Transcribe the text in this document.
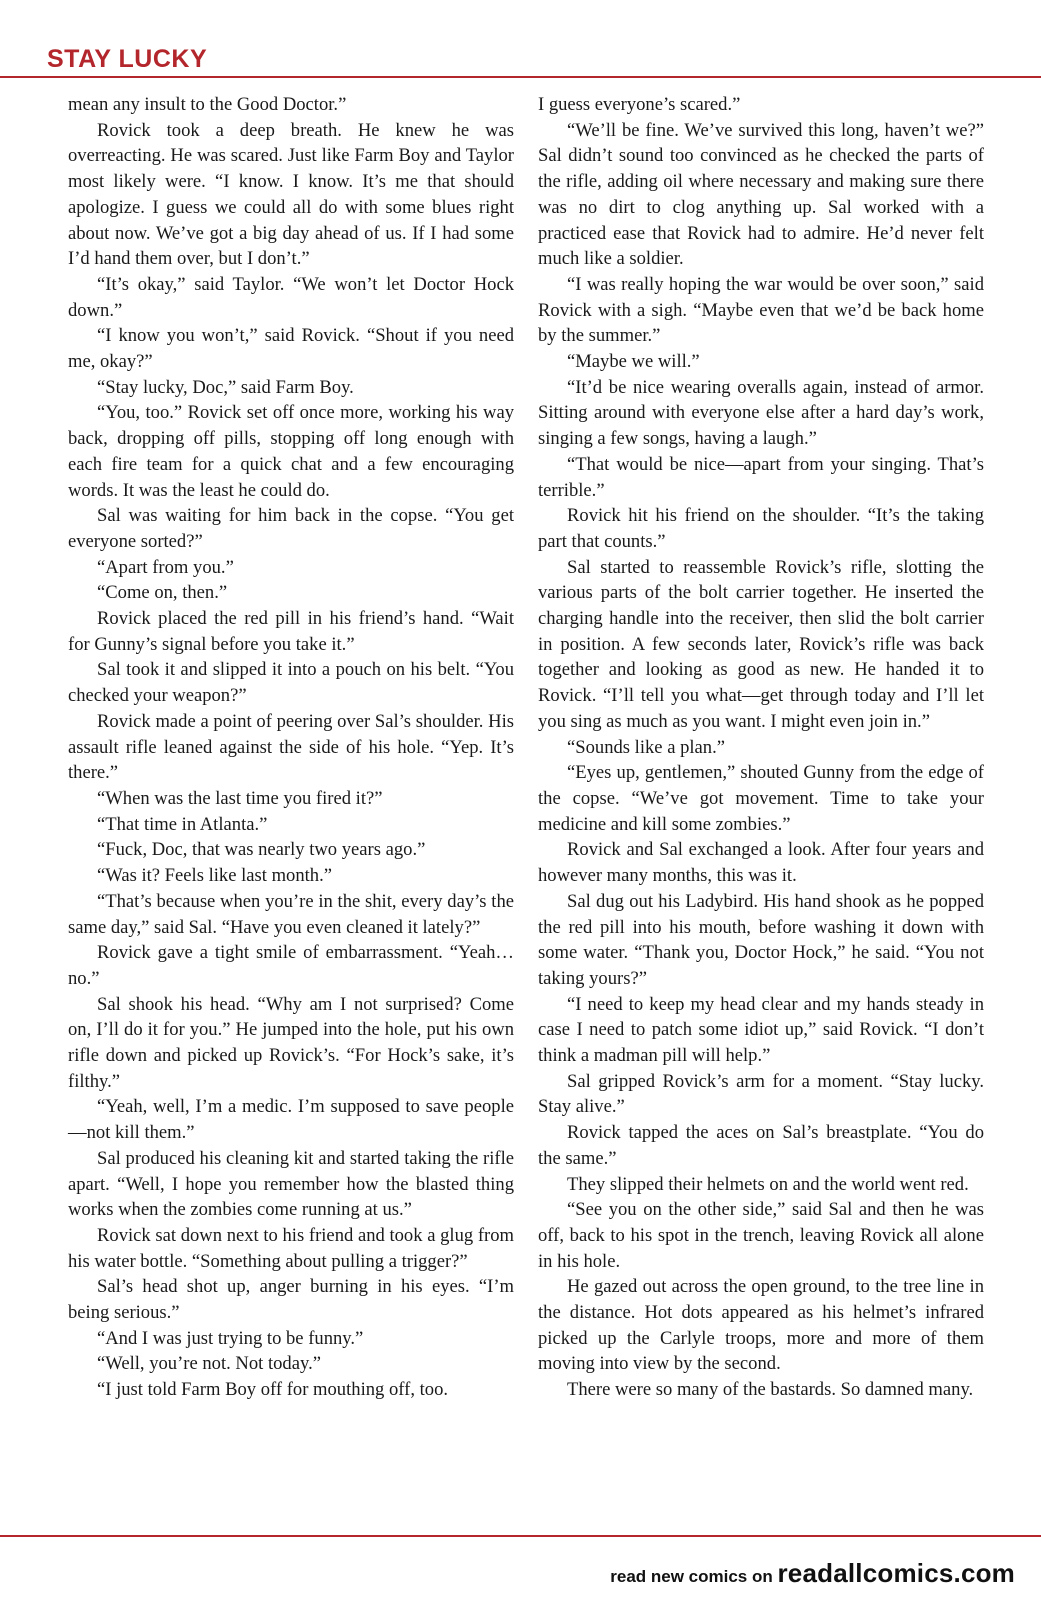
STAY LUCKY

mean any insult to the Good Doctor.”

Rovick took a deep breath. He knew he was overreacting. He was scared. Just like Farm Boy and Taylor most likely were. “I know. I know. It’s me that should apologize. I guess we could all do with some blues right about now. We’ve got a big day ahead of us. If I had some I’d hand them over, but I don’t.”

“It’s okay,” said Taylor. “We won’t let Doctor Hock down.”

“I know you won’t,” said Rovick. “Shout if you need me, okay?”

“Stay lucky, Doc,” said Farm Boy.

“You, too.” Rovick set off once more, working his way back, dropping off pills, stopping off long enough with each fire team for a quick chat and a few encouraging words. It was the least he could do.

Sal was waiting for him back in the copse. “You get everyone sorted?”

“Apart from you.”

“Come on, then.”

Rovick placed the red pill in his friend’s hand. “Wait for Gunny’s signal before you take it.”

Sal took it and slipped it into a pouch on his belt. “You checked your weapon?”

Rovick made a point of peering over Sal’s shoulder. His assault rifle leaned against the side of his hole. “Yep. It’s there.”

“When was the last time you fired it?”

“That time in Atlanta.”

“Fuck, Doc, that was nearly two years ago.”

“Was it? Feels like last month.”

“That’s because when you’re in the shit, every day’s the same day,” said Sal. “Have you even cleaned it lately?”

Rovick gave a tight smile of embarrassment. “Yeah…no.”

Sal shook his head. “Why am I not surprised? Come on, I’ll do it for you.” He jumped into the hole, put his own rifle down and picked up Rovick’s. “For Hock’s sake, it’s filthy.”

“Yeah, well, I’m a medic. I’m supposed to save people—not kill them.”

Sal produced his cleaning kit and started taking the rifle apart. “Well, I hope you remember how the blasted thing works when the zombies come running at us.”

Rovick sat down next to his friend and took a glug from his water bottle. “Something about pulling a trigger?”

Sal’s head shot up, anger burning in his eyes. “I’m being serious.”

“And I was just trying to be funny.”

“Well, you’re not. Not today.”

“I just told Farm Boy off for mouthing off, too.

I guess everyone’s scared.”

“We’ll be fine. We’ve survived this long, haven’t we?” Sal didn’t sound too convinced as he checked the parts of the rifle, adding oil where necessary and making sure there was no dirt to clog anything up. Sal worked with a practiced ease that Rovick had to admire. He’d never felt much like a soldier.

“I was really hoping the war would be over soon,” said Rovick with a sigh. “Maybe even that we’d be back home by the summer.”

“Maybe we will.”

“It’d be nice wearing overalls again, instead of armor. Sitting around with everyone else after a hard day’s work, singing a few songs, having a laugh.”

“That would be nice—apart from your singing. That’s terrible.”

Rovick hit his friend on the shoulder. “It’s the taking part that counts.”

Sal started to reassemble Rovick’s rifle, slotting the various parts of the bolt carrier together. He inserted the charging handle into the receiver, then slid the bolt carrier in position. A few seconds later, Rovick’s rifle was back together and looking as good as new. He handed it to Rovick. “I’ll tell you what—get through today and I’ll let you sing as much as you want. I might even join in.”

“Sounds like a plan.”

“Eyes up, gentlemen,” shouted Gunny from the edge of the copse. “We’ve got movement. Time to take your medicine and kill some zombies.”

Rovick and Sal exchanged a look. After four years and however many months, this was it.

Sal dug out his Ladybird. His hand shook as he popped the red pill into his mouth, before washing it down with some water. “Thank you, Doctor Hock,” he said. “You not taking yours?”

“I need to keep my head clear and my hands steady in case I need to patch some idiot up,” said Rovick. “I don’t think a madman pill will help.”

Sal gripped Rovick’s arm for a moment. “Stay lucky. Stay alive.”

Rovick tapped the aces on Sal’s breastplate. “You do the same.”

They slipped their helmets on and the world went red.

“See you on the other side,” said Sal and then he was off, back to his spot in the trench, leaving Rovick all alone in his hole.

He gazed out across the open ground, to the tree line in the distance. Hot dots appeared as his helmet’s infrared picked up the Carlyle troops, more and more of them moving into view by the second.

There were so many of the bastards. So damned many.

read new comics on readallcomics.com
